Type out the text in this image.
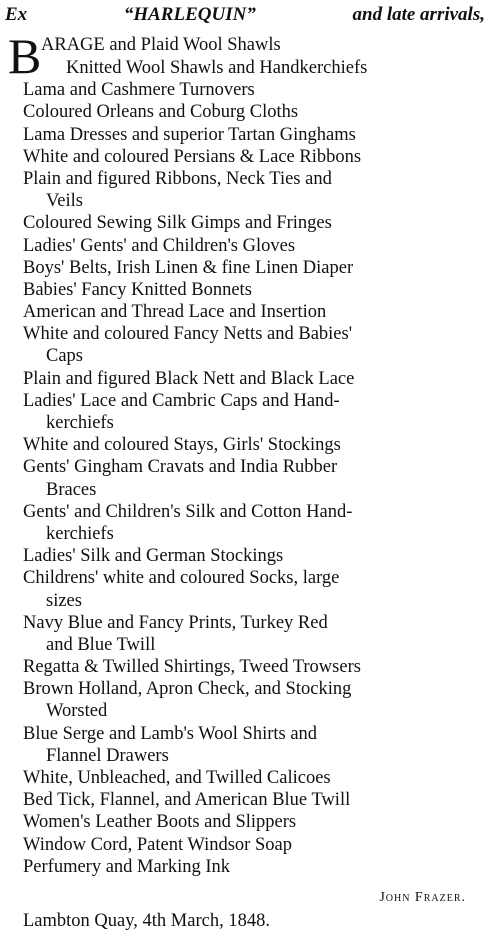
Ex	“HARLEQUIN”	and late arrivals,
B ARAGE and Plaid Wool Shawls
Knitted Wool Shawls and Handkerchiefs
Lama and Cashmere Turnovers
Coloured Orleans and Coburg Cloths
Lama Dresses and superior Tartan Ginghams
White and coloured Persians & Lace Ribbons
Plain and figured Ribbons, Neck Ties and
Veils
Coloured Sewing Silk Gimps and Fringes
Ladies' Gents' and Children's Gloves
Boys' Belts, Irish Linen & fine Linen Diaper
Babies' Fancy Knitted Bonnets
American and Thread Lace and Insertion
White and coloured Fancy Netts and Babies'
Caps
Plain and figured Black Nett and Black Lace
Ladies' Lace and Cambric Caps and Hand-
kerchiefs
White and coloured Stays, Girls' Stockings
Gents' Gingham Cravats and India Rubber
Braces
Gents' and Children's Silk and Cotton Hand-
kerchiefs
Ladies' Silk and German Stockings
Childrens' white and coloured Socks, large
sizes
Navy Blue and Fancy Prints, Turkey Red
and Blue Twill
Regatta & Twilled Shirtings, Tweed Trowsers
Brown Holland, Apron Check, and Stocking
Worsted
Blue Serge and Lamb's Wool Shirts and
Flannel Drawers
White, Unbleached, and Twilled Calicoes
Bed Tick, Flannel, and American Blue Twill
Women's Leather Boots and Slippers
Window Cord, Patent Windsor Soap
Perfumery and Marking Ink
John Frazer.
Lambton Quay, 4th March, 1848.
